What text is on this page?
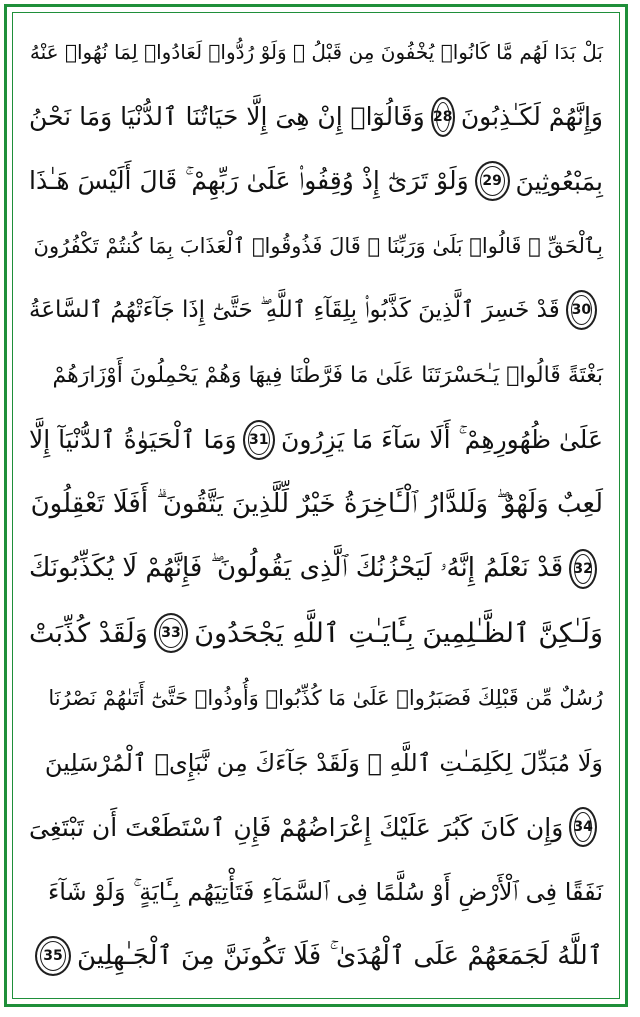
بَلْ بَدَا لَهُم مَّا كَانُوا۟ يُخْفُونَ مِن قَبْلُ ۖ وَلَوْ رُدُّوا۟ لَعَادُوا۟ لِمَا نُهُوا۟ عَنْهُ
وَإِنَّهُمْ لَكَـٰذِبُونَ
28
وَقَالُوٓا۟ إِنْ هِىَ إِلَّا حَيَاتُنَا ٱلدُّنْيَا وَمَا نَحْنُ
بِمَبْعُوثِينَ
29
وَلَوْ تَرَىٰٓ إِذْ وُقِفُوا۟ عَلَىٰ رَبِّهِمْ ۚ قَالَ أَلَيْسَ هَـٰذَا
بِٱلْحَقِّ ۚ قَالُوا۟ بَلَىٰ وَرَبِّنَا ۚ قَالَ فَذُوقُوا۟ ٱلْعَذَابَ بِمَا كُنتُمْ تَكْفُرُونَ
30
قَدْ خَسِرَ ٱلَّذِينَ كَذَّبُوا۟ بِلِقَآءِ ٱللَّهِ ۖ حَتَّىٰٓ إِذَا جَآءَتْهُمُ ٱلسَّاعَةُ
بَغْتَةً قَالُوا۟ يَـٰحَسْرَتَنَا عَلَىٰ مَا فَرَّطْنَا فِيهَا وَهُمْ يَحْمِلُونَ أَوْزَارَهُمْ
عَلَىٰ ظُهُورِهِمْ ۚ أَلَا سَآءَ مَا يَزِرُونَ
31
وَمَا ٱلْحَيَوٰةُ ٱلدُّنْيَآ إِلَّا
لَعِبٌ وَلَهْوٌ ۖ وَلَلدَّارُ ٱلْـَٔاخِرَةُ خَيْرٌ لِّلَّذِينَ يَتَّقُونَ ۗ أَفَلَا تَعْقِلُونَ
32
قَدْ نَعْلَمُ إِنَّهُۥ لَيَحْزُنُكَ ٱلَّذِى يَقُولُونَ ۖ فَإِنَّهُمْ لَا يُكَذِّبُونَكَ
وَلَـٰكِنَّ ٱلظَّـٰلِمِينَ بِـَٔايَـٰتِ ٱللَّهِ يَجْحَدُونَ
33
وَلَقَدْ كُذِّبَتْ
رُسُلٌ مِّن قَبْلِكَ فَصَبَرُوا۟ عَلَىٰ مَا كُذِّبُوا۟ وَأُوذُوا۟ حَتَّىٰٓ أَتَىٰهُمْ نَصْرُنَا
وَلَا مُبَدِّلَ لِكَلِمَـٰتِ ٱللَّهِ ۚ وَلَقَدْ جَآءَكَ مِن نَّبَإِى۟ ٱلْمُرْسَلِينَ
34
وَإِن كَانَ كَبُرَ عَلَيْكَ إِعْرَاضُهُمْ فَإِنِ ٱسْتَطَعْتَ أَن تَبْتَغِىَ
نَفَقًا فِى ٱلْأَرْضِ أَوْ سُلَّمًا فِى ٱلسَّمَآءِ فَتَأْتِيَهُم بِـَٔايَةٍ ۚ وَلَوْ شَآءَ
ٱللَّهُ لَجَمَعَهُمْ عَلَى ٱلْهُدَىٰ ۚ فَلَا تَكُونَنَّ مِنَ ٱلْجَـٰهِلِينَ
35
